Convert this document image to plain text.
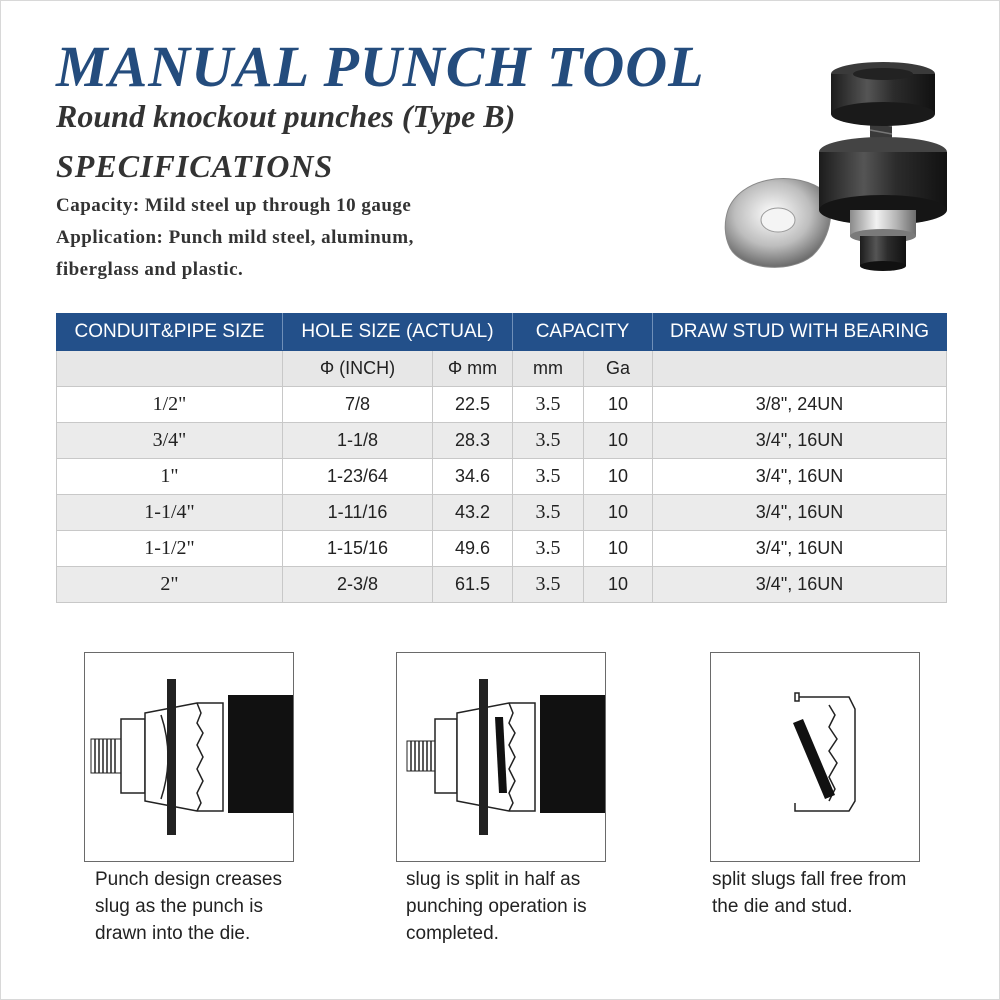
MANUAL PUNCH TOOL
Round knockout punches (Type B)
SPECIFICATIONS

Capacity: Mild steel up through 10 gauge

Application: Punch mild steel, aluminum,

fiberglass and plastic.

CONDUIT&PIPE SIZE	HOLE SIZE (ACTUAL)		CAPACITY		DRAW STUD WITH BEARING
	Φ (INCH)	Φ mm	mm	Ga	
1/2"	7/8	22.5	3.5	10	3/8", 24UN
3/4"	1-1/8	28.3	3.5	10	3/4", 16UN
1"	1-23/64	34.6	3.5	10	3/4", 16UN
1-1/4"	1-11/16	43.2	3.5	10	3/4", 16UN
1-1/2"	1-15/16	49.6	3.5	10	3/4", 16UN
2"	2-3/8	61.5	3.5	10	3/4", 16UN

Punch design creases
slug as the punch is
drawn into the die.

slug is split in half as
punching operation is
completed.

split slugs fall free from
the die and stud.
